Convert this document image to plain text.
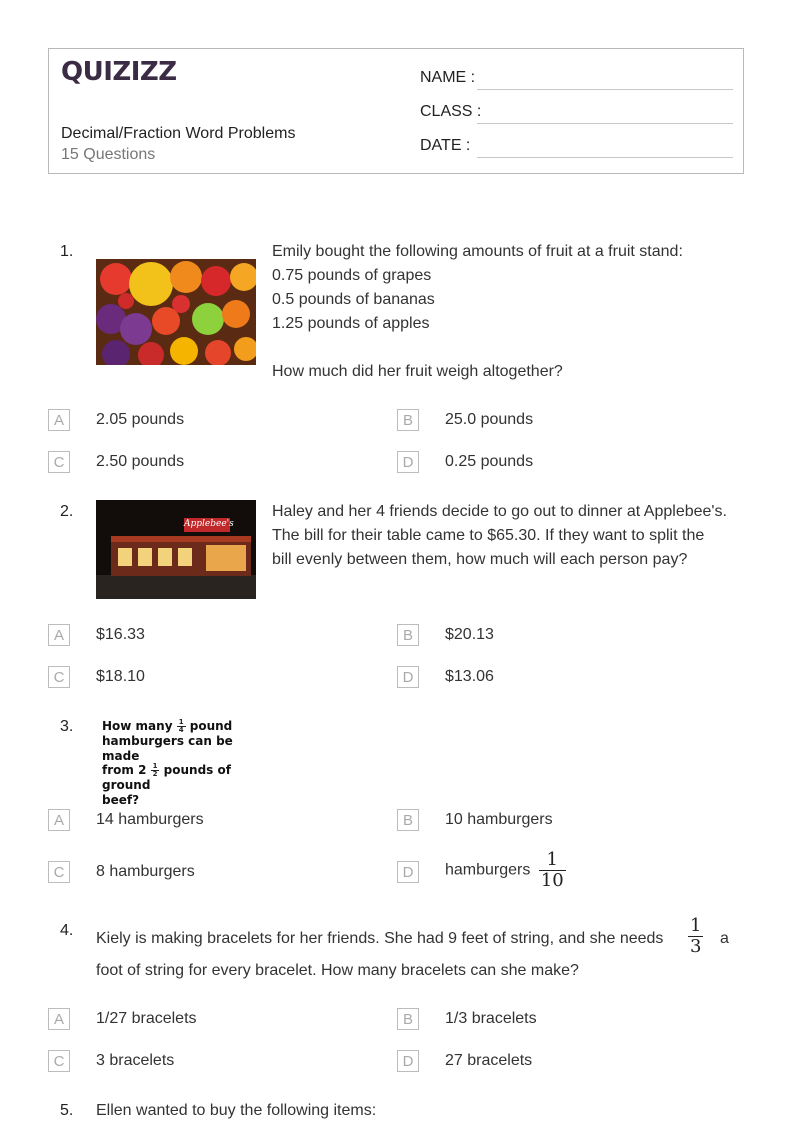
QUIZIZZ
Decimal/Fraction Word Problems
15 Questions
NAME :
CLASS :
DATE :
1.	Emily bought the following amounts of fruit at a fruit stand:
0.75 pounds of grapes
0.5 pounds of bananas
1.25 pounds of apples
How much did her fruit weigh altogether?
A	2.05 pounds	B	25.0 pounds
C	2.50 pounds	D	0.25 pounds
2.
Applebee's
Haley and her 4 friends decide to go out to dinner at Applebee's.
The bill for their table came to $65.30. If they want to split the
bill evenly between them, how much will each person pay?
A	$16.33	B	$20.13
C	$18.10	D	$13.06
3. How many $\frac{1}{4}$ pound
hamburgers can be made
from $2 \frac{1}{2}$ pounds of ground
beef?
A	14 hamburgers	B	10 hamburgers
C	8 hamburgers	D	hamburgers $\frac{1}{10}$
4. Kiely is making bracelets for her friends. She had 9 feet of string, and she needs $\frac{1}{3}$ a
foot of string for every bracelet. How many bracelets can she make?
A	1/27 bracelets	B	1/3 bracelets
C	3 bracelets	D	27 bracelets
5. Ellen wanted to buy the following items:
